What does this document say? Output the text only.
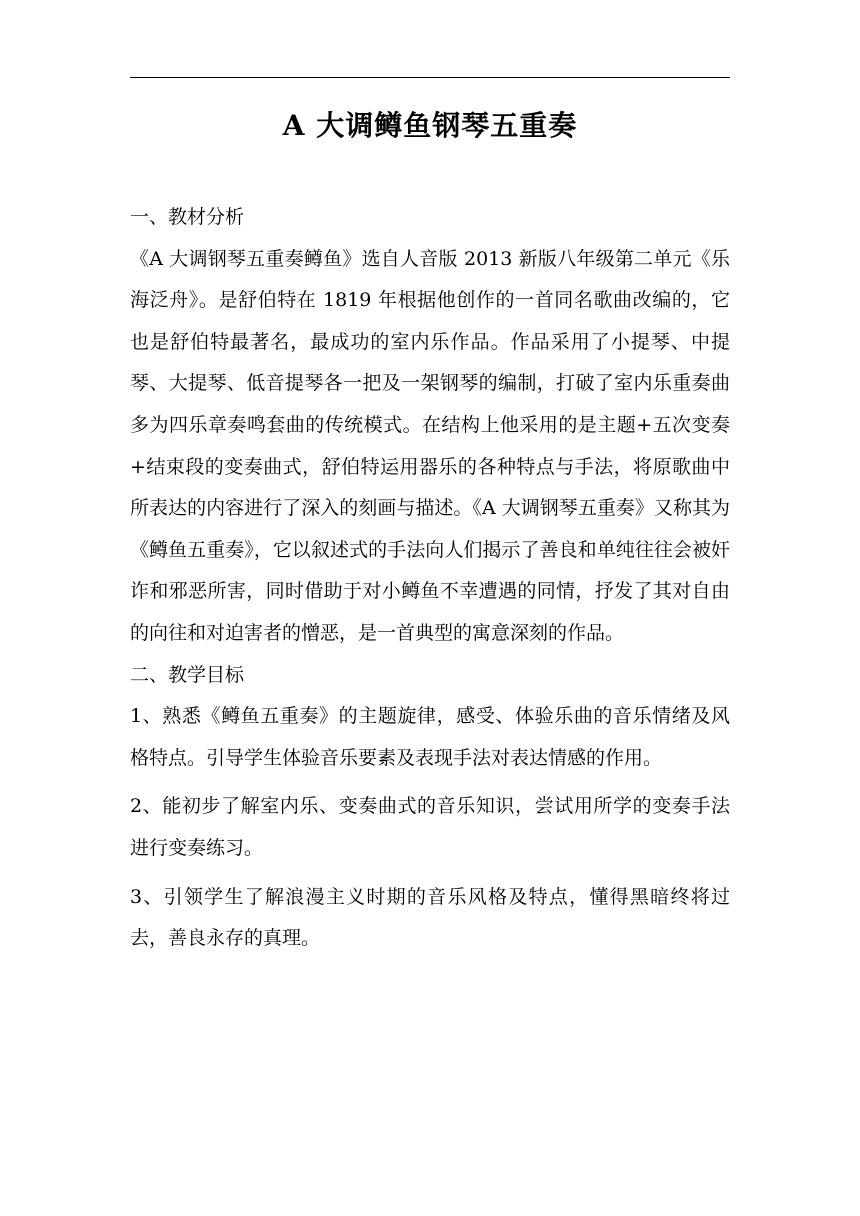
A 大调鳟鱼钢琴五重奏

一、教材分析

《A 大调钢琴五重奏鳟鱼》选自人音版 2013 新版八年级第二单元《乐海泛舟》。是舒伯特在 1819 年根据他创作的一首同名歌曲改编的，它也是舒伯特最著名，最成功的室内乐作品。作品采用了小提琴、中提琴、大提琴、低音提琴各一把及一架钢琴的编制，打破了室内乐重奏曲多为四乐章奏鸣套曲的传统模式。在结构上他采用的是主题+五次变奏+结束段的变奏曲式，舒伯特运用器乐的各种特点与手法，将原歌曲中所表达的内容进行了深入的刻画与描述。《A 大调钢琴五重奏》又称其为《鳟鱼五重奏》，它以叙述式的手法向人们揭示了善良和单纯往往会被奸诈和邪恶所害，同时借助于对小鳟鱼不幸遭遇的同情，抒发了其对自由的向往和对迫害者的憎恶，是一首典型的寓意深刻的作品。

二、教学目标

1、熟悉《鳟鱼五重奏》的主题旋律，感受、体验乐曲的音乐情绪及风格特点。引导学生体验音乐要素及表现手法对表达情感的作用。

2、能初步了解室内乐、变奏曲式的音乐知识，尝试用所学的变奏手法进行变奏练习。

3、引领学生了解浪漫主义时期的音乐风格及特点，懂得黑暗终将过去，善良永存的真理。
